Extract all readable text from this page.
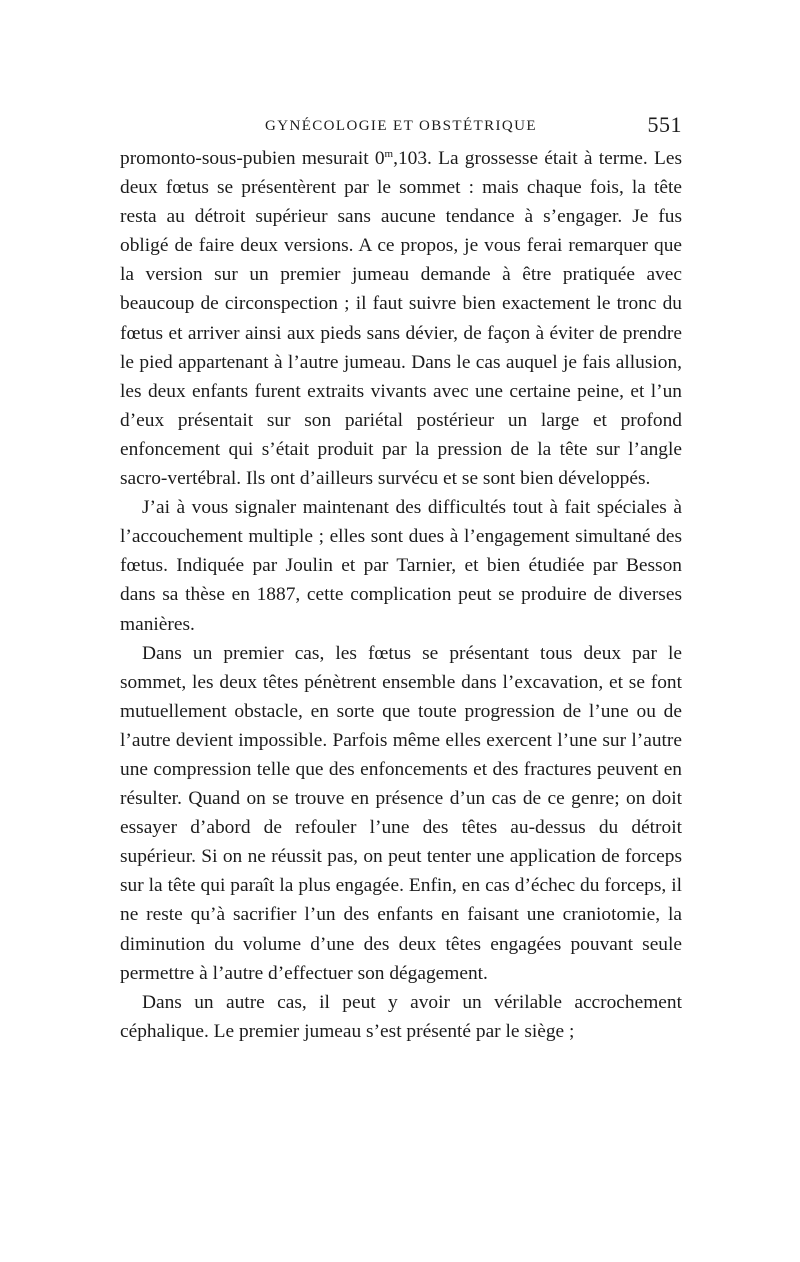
GYNÉCOLOGIE ET OBSTÉTRIQUE	551

promonto-sous-pubien mesurait 0$^m$,103. La grossesse était à terme. Les deux fœtus se présentèrent par le sommet : mais chaque fois, la tête resta au détroit supérieur sans aucune tendance à s’engager. Je fus obligé de faire deux versions. A ce propos, je vous ferai remarquer que la version sur un premier jumeau demande à être pratiquée avec beaucoup de circonspection ; il faut suivre bien exactement le tronc du fœtus et arriver ainsi aux pieds sans dévier, de façon à éviter de prendre le pied appartenant à l’autre jumeau. Dans le cas auquel je fais allusion, les deux enfants furent extraits vivants avec une certaine peine, et l’un d’eux présentait sur son pariétal postérieur un large et profond enfoncement qui s’était produit par la pression de la tête sur l’angle sacro-vertébral. Ils ont d’ailleurs survécu et se sont bien développés.

J’ai à vous signaler maintenant des difficultés tout à fait spéciales à l’accouchement multiple ; elles sont dues à l’engagement simultané des fœtus. Indiquée par Joulin et par Tarnier, et bien étudiée par Besson dans sa thèse en 1887, cette complication peut se produire de diverses manières.

Dans un premier cas, les fœtus se présentant tous deux par le sommet, les deux têtes pénètrent ensemble dans l’excavation, et se font mutuellement obstacle, en sorte que toute progression de l’une ou de l’autre devient impossible. Parfois même elles exercent l’une sur l’autre une compression telle que des enfoncements et des fractures peuvent en résulter. Quand on se trouve en présence d’un cas de ce genre; on doit essayer d’abord de refouler l’une des têtes au-dessus du détroit supérieur. Si on ne réussit pas, on peut tenter une application de forceps sur la tête qui paraît la plus engagée. Enfin, en cas d’échec du forceps, il ne reste qu’à sacrifier l’un des enfants en faisant une craniotomie, la diminution du volume d’une des deux têtes engagées pouvant seule permettre à l’autre d’effectuer son dégagement.

Dans un autre cas, il peut y avoir un vérilable accrochement céphalique. Le premier jumeau s’est présenté par le siège ;
